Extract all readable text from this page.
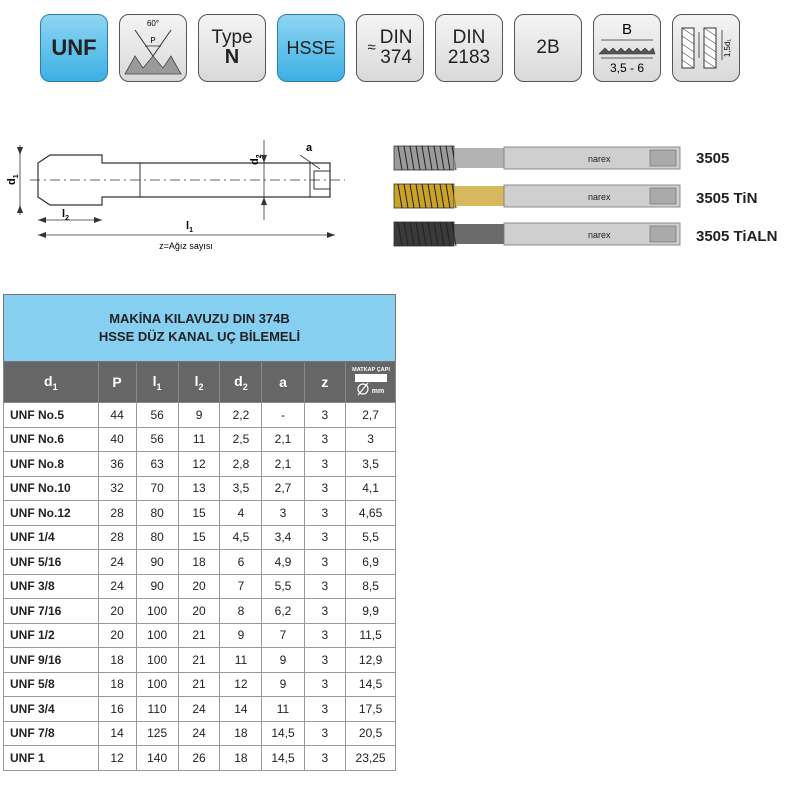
UNF
60°
P	Type
N	HSSE ≈ DIN
374
DIN
2183 2B
B
3,5 - 6
1,5d₁
$d_1$
$d_2$
a
$l_2$
$l_1$
z=Ağız sayısı
narex
narex
narex
3505
3505 TiN
3505 TiALN
MAKİNA KILAVUZU DIN 374B
HSSE DÜZ KANAL UÇ BİLEMELİ							

$d_1$	P	$l_1$	$l_2$	$d_2$	a	z	MATKAP ÇAPI
mm

UNF No.5	44	56	9	2,2	-	3	2,7
UNF No.6	40	56	11	2,5	2,1	3	3
UNF No.8	36	63	12	2,8	2,1	3	3,5
UNF No.10	32	70	13	3,5	2,7	3	4,1
UNF No.12	28	80	15	4	3	3	4,65
UNF 1/4	28	80	15	4,5	3,4	3	5,5
UNF 5/16	24	90	18	6	4,9	3	6,9
UNF 3/8	24	90	20	7	5,5	3	8,5
UNF 7/16	20	100	20	8	6,2	3	9,9
UNF 1/2	20	100	21	9	7	3	11,5
UNF 9/16	18	100	21	11	9	3	12,9
UNF 5/8	18	100	21	12	9	3	14,5
UNF 3/4	16	110	24	14	11	3	17,5
UNF 7/8	14	125	24	18	14,5	3	20,5
UNF 1	12	140	26	18	14,5	3	23,25
